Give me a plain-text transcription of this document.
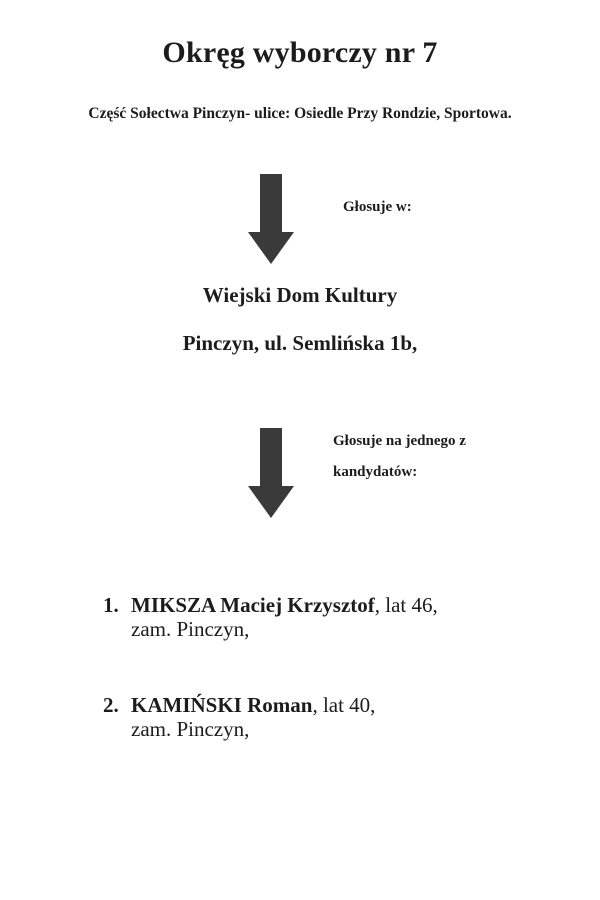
Okręg wyborczy nr 7
Część Sołectwa Pinczyn- ulice: Osiedle Przy Rondzie, Sportowa.
Głosuje w:
Wiejski Dom Kultury
Pinczyn, ul. Semlińska 1b,
Głosuje na jednego z
kandydatów:
1. MIKSZA Maciej Krzysztof, lat 46,
zam. Pinczyn,
2. KAMIŃSKI Roman, lat 40,
zam. Pinczyn,
